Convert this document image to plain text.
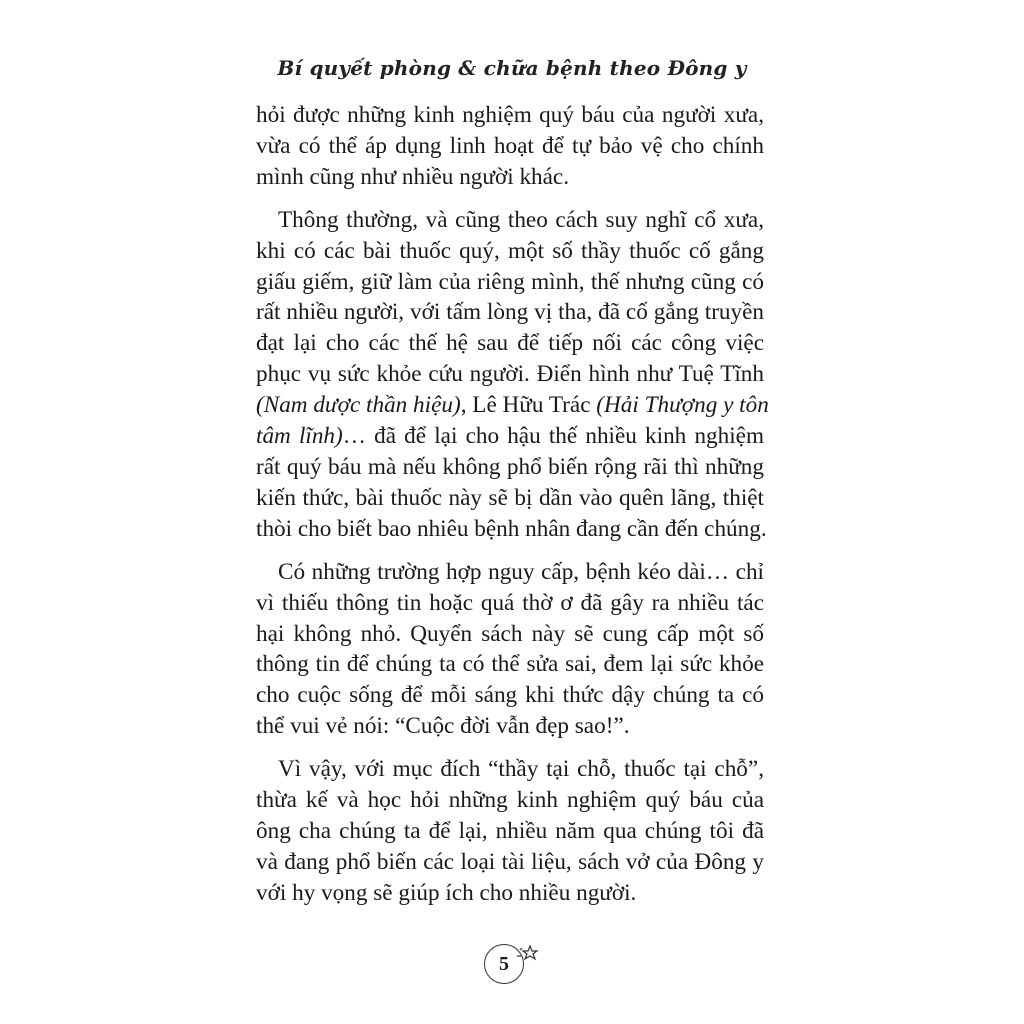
Bí quyết phòng & chữa bệnh theo Đông y
hỏi được những kinh nghiệm quý báu của người xưa,
vừa có thể áp dụng linh hoạt để tự bảo vệ cho chính
mình cũng như nhiều người khác.
Thông thường, và cũng theo cách suy nghĩ cổ xưa,
khi có các bài thuốc quý, một số thầy thuốc cố gắng
giấu giếm, giữ làm của riêng mình, thế nhưng cũng có
rất nhiều người, với tấm lòng vị tha, đã cố gắng truyền
đạt lại cho các thế hệ sau để tiếp nối các công việc
phục vụ sức khỏe cứu người. Điển hình như Tuệ Tĩnh
(Nam dược thần hiệu), Lê Hữu Trác (Hải Thượng y tôn
tâm lĩnh)… đã để lại cho hậu thế nhiều kinh nghiệm
rất quý báu mà nếu không phổ biến rộng rãi thì những
kiến thức, bài thuốc này sẽ bị dần vào quên lãng, thiệt
thòi cho biết bao nhiêu bệnh nhân đang cần đến chúng.
Có những trường hợp nguy cấp, bệnh kéo dài… chỉ
vì thiếu thông tin hoặc quá thờ ơ đã gây ra nhiều tác
hại không nhỏ. Quyển sách này sẽ cung cấp một số
thông tin để chúng ta có thể sửa sai, đem lại sức khỏe
cho cuộc sống để mỗi sáng khi thức dậy chúng ta có
thể vui vẻ nói: “Cuộc đời vẫn đẹp sao!”.
Vì vậy, với mục đích “thầy tại chỗ, thuốc tại chỗ”,
thừa kế và học hỏi những kinh nghiệm quý báu của
ông cha chúng ta để lại, nhiều năm qua chúng tôi đã
và đang phổ biến các loại tài liệu, sách vở của Đông y
với hy vọng sẽ giúp ích cho nhiều người.
5
